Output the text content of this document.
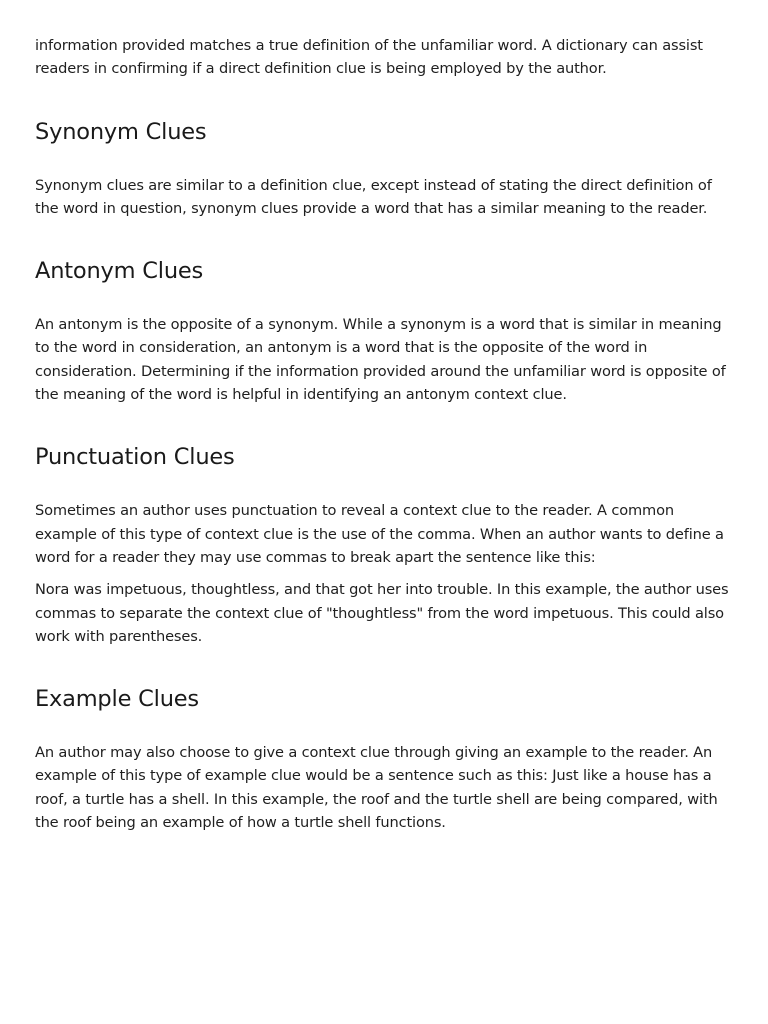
information provided matches a true definition of the unfamiliar word. A dictionary can assist readers in confirming if a direct definition clue is being employed by the author.

Synonym Clues

Synonym clues are similar to a definition clue, except instead of stating the direct definition of the word in question, synonym clues provide a word that has a similar meaning to the reader.

Antonym Clues

An antonym is the opposite of a synonym. While a synonym is a word that is similar in meaning to the word in consideration, an antonym is a word that is the opposite of the word in consideration. Determining if the information provided around the unfamiliar word is opposite of the meaning of the word is helpful in identifying an antonym context clue.

Punctuation Clues

Sometimes an author uses punctuation to reveal a context clue to the reader. A common example of this type of context clue is the use of the comma. When an author wants to define a word for a reader they may use commas to break apart the sentence like this:

Nora was impetuous, thoughtless, and that got her into trouble. In this example, the author uses commas to separate the context clue of "thoughtless" from the word impetuous. This could also work with parentheses.

Example Clues

An author may also choose to give a context clue through giving an example to the reader. An example of this type of example clue would be a sentence such as this: Just like a house has a roof, a turtle has a shell. In this example, the roof and the turtle shell are being compared, with the roof being an example of how a turtle shell functions.
